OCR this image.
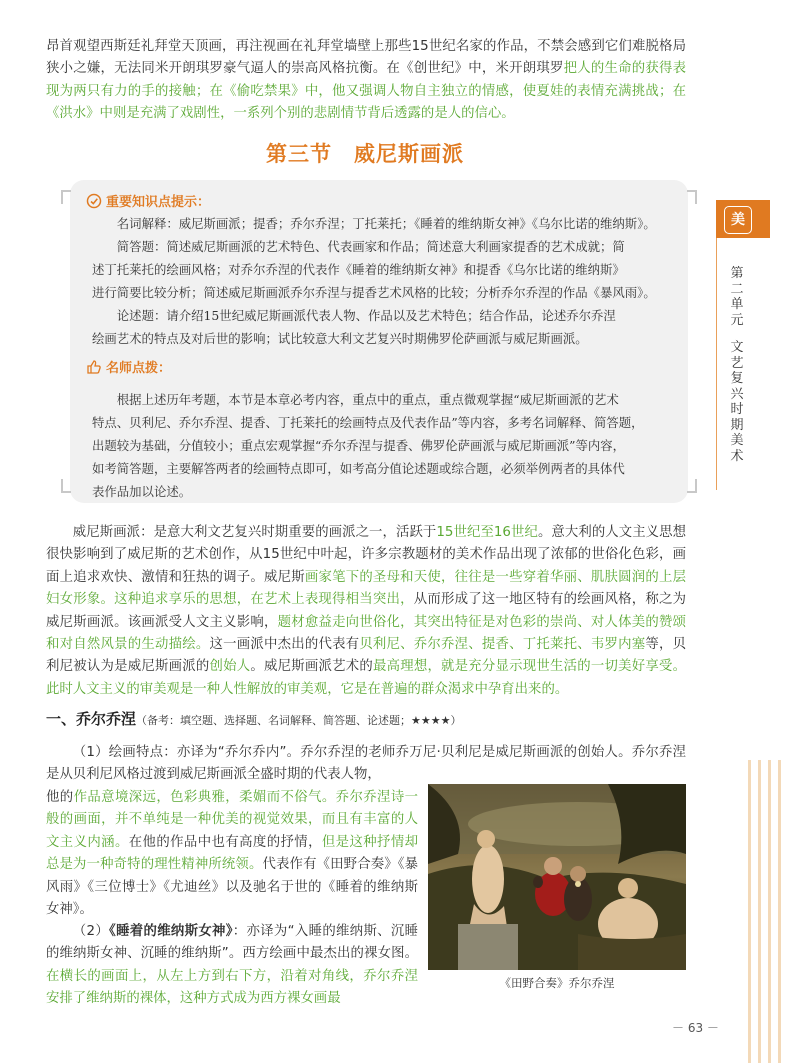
昂首观望西斯廷礼拜堂天顶画，再注视画在礼拜堂墙壁上那些15世纪名家的作品，不禁会感到它们难脱格局狭小之嫌，无法同米开朗琪罗豪气逼人的崇高风格抗衡。在《创世纪》中，米开朗琪罗把人的生命的获得表现为两只有力的手的接触；在《偷吃禁果》中，他又强调人物自主独立的情感，使夏娃的表情充满挑战；在《洪水》中则是充满了戏剧性，一系列个别的悲剧情节背后透露的是人的信心。
第三节　威尼斯画派
重要知识点提示：
名词解释：威尼斯画派；提香；乔尔乔涅；丁托莱托；《睡着的维纳斯女神》《乌尔比诺的维纳斯》。
简答题：简述威尼斯画派的艺术特色、代表画家和作品；简述意大利画家提香的艺术成就；简
述丁托莱托的绘画风格；对乔尔乔涅的代表作《睡着的维纳斯女神》和提香《乌尔比诺的维纳斯》
进行简要比较分析；简述威尼斯画派乔尔乔涅与提香艺术风格的比较；分析乔尔乔涅的作品《暴风雨》。
论述题：请介绍15世纪威尼斯画派代表人物、作品以及艺术特色；结合作品，论述乔尔乔涅
绘画艺术的特点及对后世的影响；试比较意大利文艺复兴时期佛罗伦萨画派与威尼斯画派。
名师点拨：
根据上述历年考题，本节是本章必考内容，重点中的重点，重点微观掌握“威尼斯画派的艺术
特点、贝利尼、乔尔乔涅、提香、丁托莱托的绘画特点及代表作品”等内容，多考名词解释、简答题，
出题较为基础，分值较小；重点宏观掌握“乔尔乔涅与提香、佛罗伦萨画派与威尼斯画派”等内容，
如考简答题，主要解答两者的绘画特点即可，如考高分值论述题或综合题，必须举例两者的具体代
表作品加以论述。
威尼斯画派：是意大利文艺复兴时期重要的画派之一，活跃于15世纪至16世纪。意大利的人文主义思想很快影响到了威尼斯的艺术创作，从15世纪中叶起，许多宗教题材的美术作品出现了浓郁的世俗化色彩，画面上追求欢快、激情和狂热的调子。威尼斯画家笔下的圣母和天使，往往是一些穿着华丽、肌肤圆润的上层妇女形象。这种追求享乐的思想，在艺术上表现得相当突出，从而形成了这一地区特有的绘画风格，称之为威尼斯画派。该画派受人文主义影响，题材愈益走向世俗化，其突出特征是对色彩的崇尚、对人体美的赞颂和对自然风景的生动描绘。这一画派中杰出的代表有贝利尼、乔尔乔涅、提香、丁托莱托、韦罗内塞等，贝利尼被认为是威尼斯画派的创始人。威尼斯画派艺术的最高理想，就是充分显示现世生活的一切美好享受。此时人文主义的审美观是一种人性解放的审美观，它是在普遍的群众渴求中孕育出来的。
一、乔尔乔涅（备考：填空题、选择题、名词解释、简答题、论述题；★★★★）
（1）绘画特点：亦译为“乔尔乔内”。乔尔乔涅的老师乔万尼·贝利尼是威尼斯画派的创始人。乔尔乔涅是从贝利尼风格过渡到威尼斯画派全盛时期的代表人物，
他的作品意境深远，色彩典雅，柔媚而不俗气。乔尔乔涅诗一般的画面，并不单纯是一种优美的视觉效果，而且有丰富的人文主义内涵。在他的作品中也有高度的抒情，但是这种抒情却总是为一种奇特的理性精神所统领。代表作有《田野合奏》《暴风雨》《三位博士》《尤迪丝》以及驰名于世的《睡着的维纳斯女神》。
（2）《睡着的维纳斯女神》：亦译为“入睡的维纳斯、沉睡的维纳斯女神、沉睡的维纳斯”。西方绘画中最杰出的裸女图。在横长的画面上，从左上方到右下方，沿着对角线，乔尔乔涅安排了维纳斯的裸体，这种方式成为西方裸女画最
《田野合奏》乔尔乔涅
美
第二单元
文艺复兴时期美术
－ 63 －
